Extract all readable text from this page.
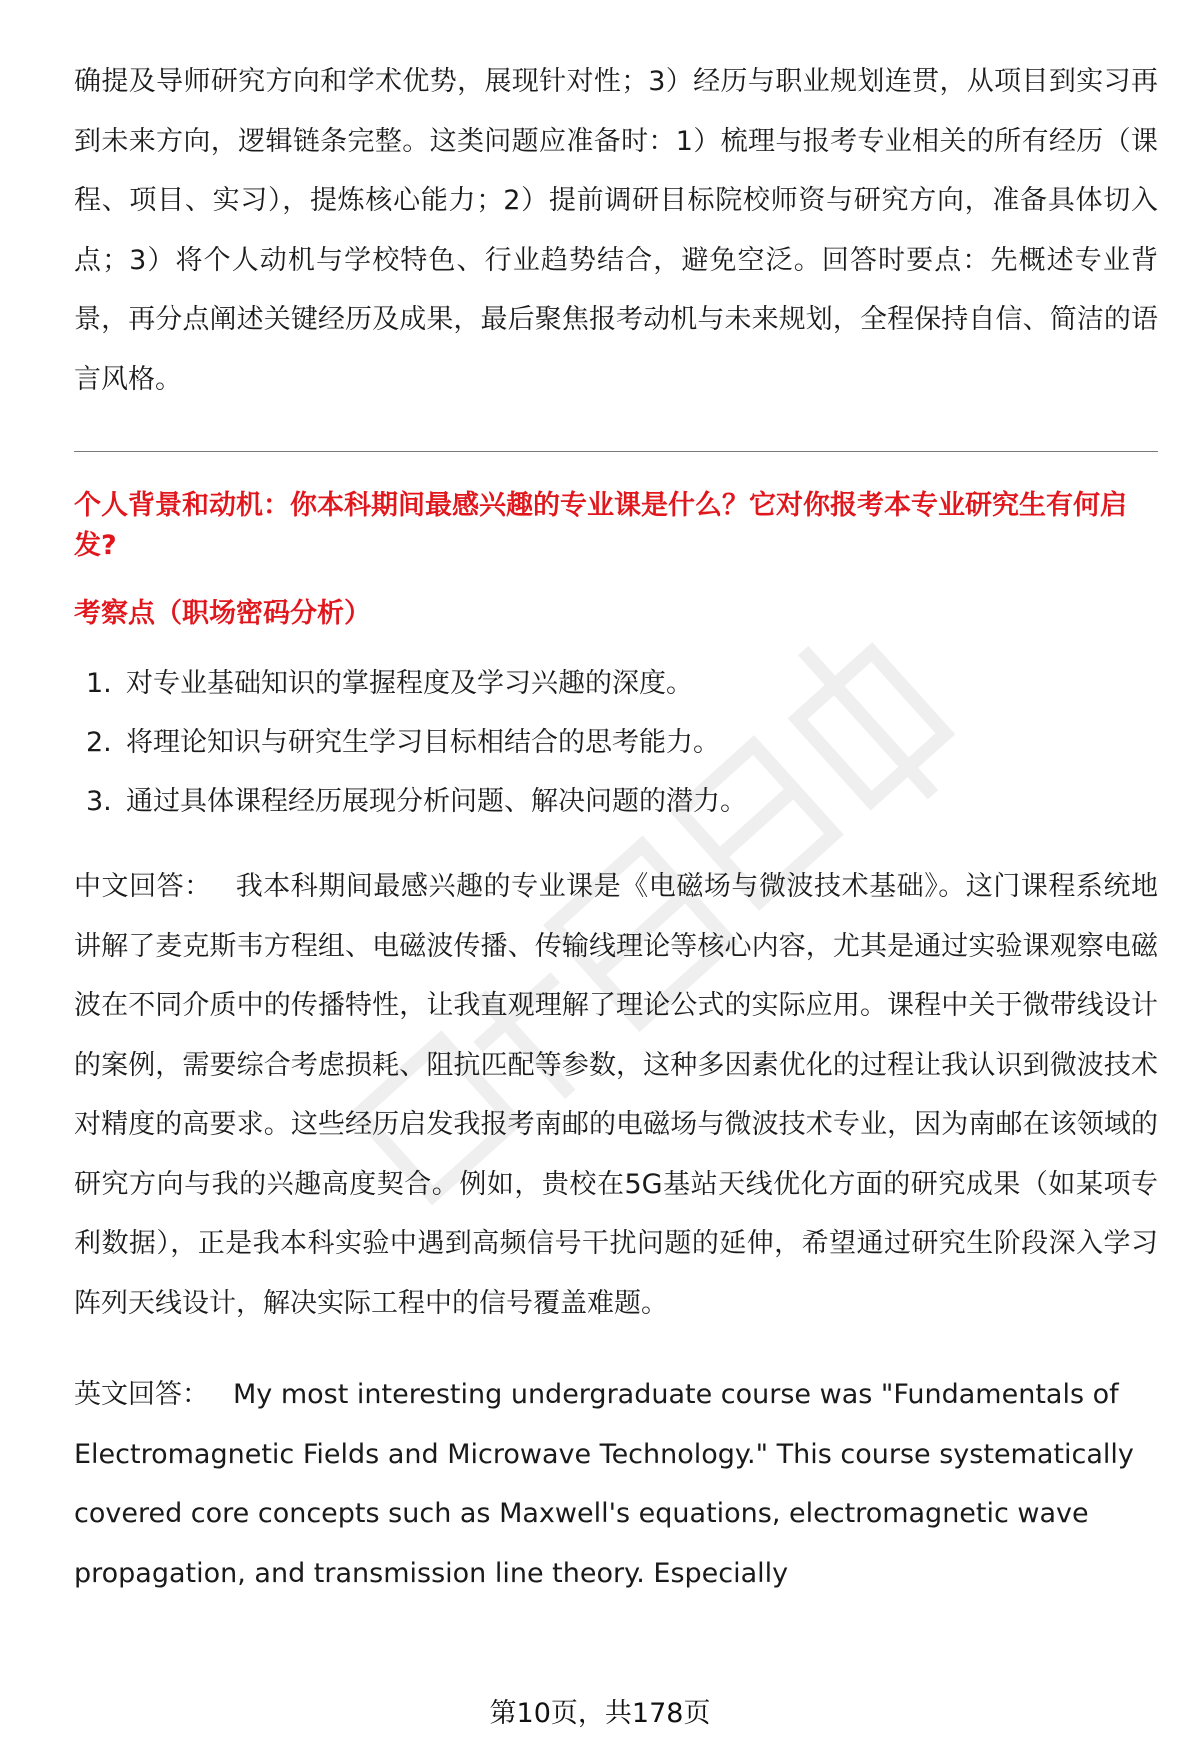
确提及导师研究方向和学术优势，展现针对性；3）经历与职业规划连贯，从项目到实习再到未来方向，逻辑链条完整。这类问题应准备时：1）梳理与报考专业相关的所有经历（课程、项目、实习），提炼核心能力；2）提前调研目标院校师资与研究方向，准备具体切入点；3）将个人动机与学校特色、行业趋势结合，避免空泛。回答时要点：先概述专业背景，再分点阐述关键经历及成果，最后聚焦报考动机与未来规划，全程保持自信、简洁的语言风格。

个人背景和动机：你本科期间最感兴趣的专业课是什么？它对你报考本专业研究生有何启发?
考察点（职场密码分析）
1. 对专业基础知识的掌握程度及学习兴趣的深度。
2. 将理论知识与研究生学习目标相结合的思考能力。
3. 通过具体课程经历展现分析问题、解决问题的潜力。

中文回答： 我本科期间最感兴趣的专业课是《电磁场与微波技术基础》。这门课程系统地讲解了麦克斯韦方程组、电磁波传播、传输线理论等核心内容，尤其是通过实验课观察电磁波在不同介质中的传播特性，让我直观理解了理论公式的实际应用。课程中关于微带线设计的案例，需要综合考虑损耗、阻抗匹配等参数，这种多因素优化的过程让我认识到微波技术对精度的高要求。这些经历启发我报考南邮的电磁场与微波技术专业，因为南邮在该领域的研究方向与我的兴趣高度契合。例如，贵校在5G基站天线优化方面的研究成果（如某项专利数据），正是我本科实验中遇到高频信号干扰问题的延伸，希望通过研究生阶段深入学习阵列天线设计，解决实际工程中的信号覆盖难题。

英文回答： My most interesting undergraduate course was "Fundamentals of Electromagnetic Fields and Microwave Technology." This course systematically covered core concepts such as Maxwell's equations, electromagnetic wave propagation, and transmission line theory. Especially

第10页，共178页
